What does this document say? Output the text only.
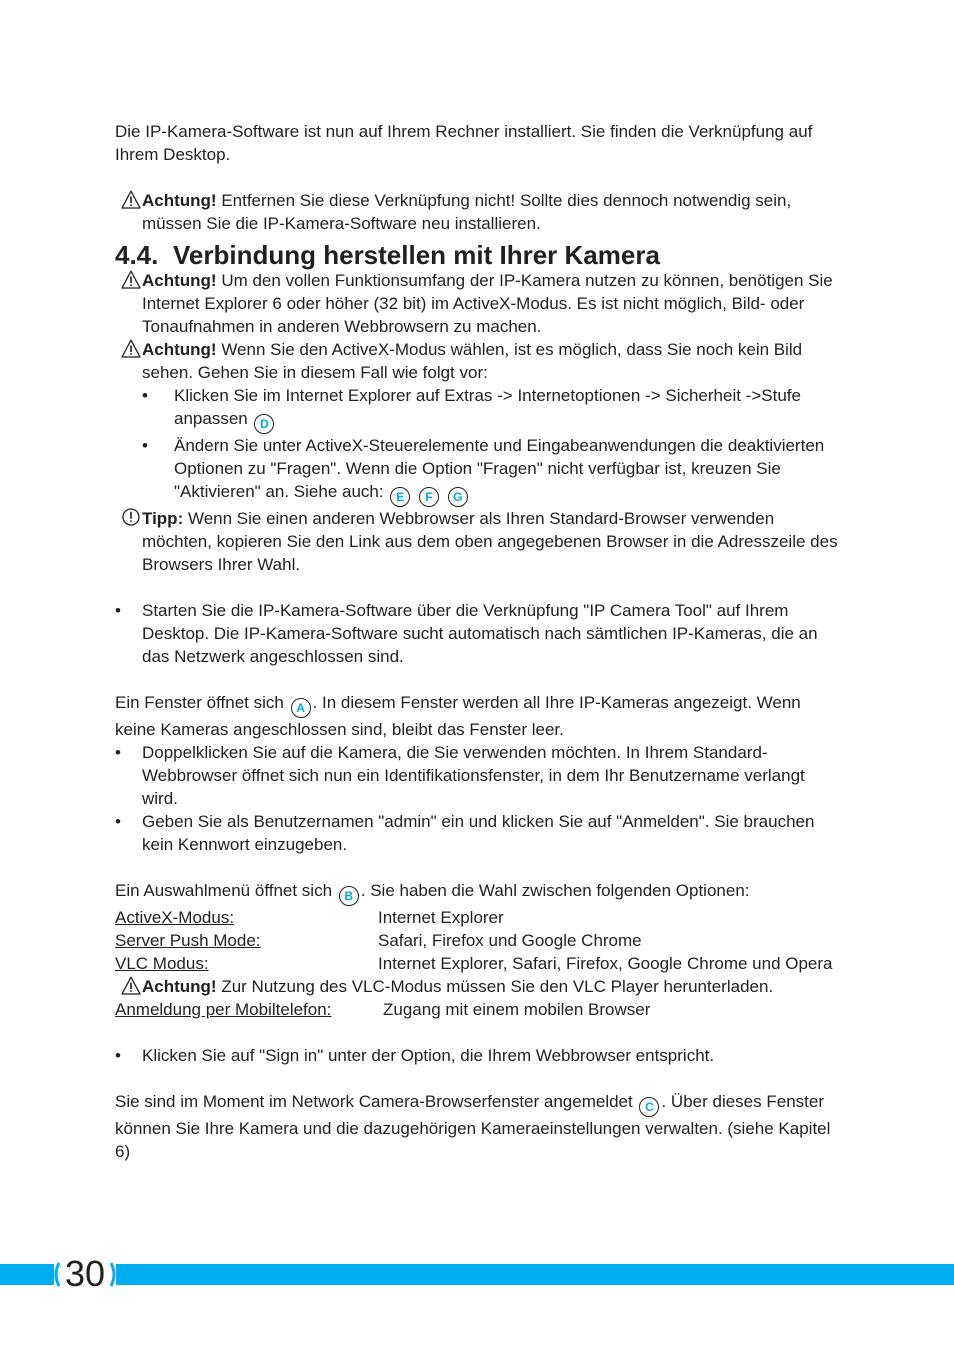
Die IP-Kamera-Software ist nun auf Ihrem Rechner installiert. Sie finden die Verknüpfung auf Ihrem Desktop.

Achtung! Entfernen Sie diese Verknüpfung nicht! Sollte dies dennoch notwendig sein, müssen Sie die IP-Kamera-Software neu installieren.

4.4. Verbindung herstellen mit Ihrer Kamera

Achtung! Um den vollen Funktionsumfang der IP-Kamera nutzen zu können, benötigen Sie Internet Explorer 6 oder höher (32 bit) im ActiveX-Modus. Es ist nicht möglich, Bild- oder Tonaufnahmen in anderen Webbrowsern zu machen.

Achtung! Wenn Sie den ActiveX-Modus wählen, ist es möglich, dass Sie noch kein Bild sehen. Gehen Sie in diesem Fall wie folgt vor:

• Klicken Sie im Internet Explorer auf Extras -> Internetoptionen -> Sicherheit ->Stufe anpassen D

• Ändern Sie unter ActiveX-Steuerelemente und Eingabeanwendungen die deaktivierten Optionen zu "Fragen". Wenn die Option "Fragen" nicht verfügbar ist, kreuzen Sie "Aktivieren" an. Siehe auch: E F G

Tipp: Wenn Sie einen anderen Webbrowser als Ihren Standard-Browser verwenden möchten, kopieren Sie den Link aus dem oben angegebenen Browser in die Adresszeile des Browsers Ihrer Wahl.

• Starten Sie die IP-Kamera-Software über die Verknüpfung "IP Camera Tool" auf Ihrem Desktop. Die IP-Kamera-Software sucht automatisch nach sämtlichen IP-Kameras, die an das Netzwerk angeschlossen sind.

Ein Fenster öffnet sich A . In diesem Fenster werden all Ihre IP-Kameras angezeigt. Wenn keine Kameras angeschlossen sind, bleibt das Fenster leer.

• Doppelklicken Sie auf die Kamera, die Sie verwenden möchten. In Ihrem Standard-Webbrowser öffnet sich nun ein Identifikationsfenster, in dem Ihr Benutzername verlangt wird.

• Geben Sie als Benutzernamen "admin" ein und klicken Sie auf "Anmelden". Sie brauchen kein Kennwort einzugeben.

Ein Auswahlmenü öffnet sich B . Sie haben die Wahl zwischen folgenden Optionen:

ActiveX-Modus:	Internet Explorer
Server Push Mode:	Safari, Firefox und Google Chrome
VLC Modus:	Internet Explorer, Safari, Firefox, Google Chrome und Opera

Achtung! Zur Nutzung des VLC-Modus müssen Sie den VLC Player herunterladen.

Anmeldung per Mobiltelefon:	Zugang mit einem mobilen Browser
• Klicken Sie auf "Sign in" unter der Option, die Ihrem Webbrowser entspricht.

Sie sind im Moment im Network Camera-Browserfenster angemeldet C . Über dieses Fenster können Sie Ihre Kamera und die dazugehörigen Kameraeinstellungen verwalten. (siehe Kapitel 6)

30
